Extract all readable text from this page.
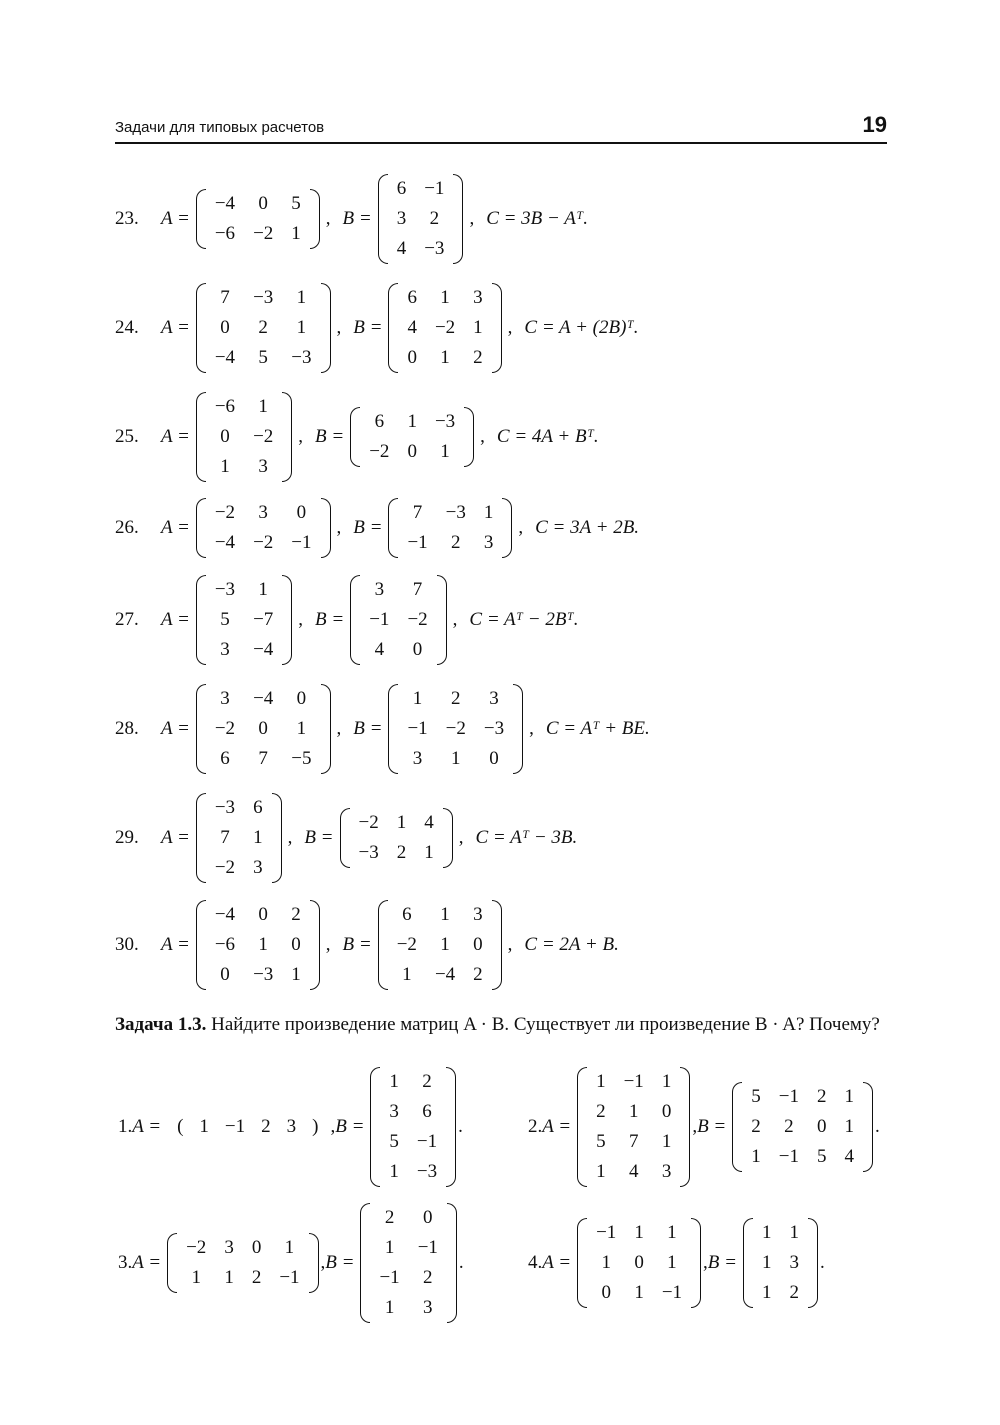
Задачи для типовых расчетов	19
23.	A =
−4	0	5
−6	−2	1
, B =
6	−1
3	2
4	−3
, C = 3B − Aᵀ.
24.	A =
7	−3	1
0	2	1
−4	5	−3
, B =
6	1	3
4	−2	1
0	1	2
, C = A + (2B)ᵀ.
25.	A =
−6	1
0	−2
1	3
, B =
6	1	−3
−2	0	1
, C = 4A + Bᵀ.
26.	A =
−2	3	0
−4	−2	−1
, B =
7	−3	1
−1	2	3
, C = 3A + 2B.
27.	A =
−3	1
5	−7
3	−4
, B =
3	7
−1	−2
4	0
, C = Aᵀ − 2Bᵀ.
28.	A =
3	−4	0
−2	0	1
6	7	−5
, B =
1	2	3
−1	−2	−3
3	1	0
, C = Aᵀ + BE.
29.	A =
−3	6
7	1
−2	3
, B =
−2	1	4
−3	2	1
, C = Aᵀ − 3B.
30.	A =
−4	0	2
−6	1	0
0	−3	1
, B =
6	1	3
−2	1	0
1	−4	2
, C = 2A + B.
Задача 1.3. Найдите произведение матриц A · B. Существует ли произведение B · A? Почему?
1. A = ( 1 −1 2 3 ) , B =
1	2
3	6
5	−1
1	−3
.	2. A =
1	−1	1
2	1	0
5	7	1
1	4	3
, B =
5	−1	2	1
2	2	0	1
1	−1	5	4
.
3. A =
−2	3	0	1
1	1	2	−1
, B =
2	0
1	−1
−1	2
1	3
.	4. A =
−1	1	1
1	0	1
0	1	−1
, B =
1	1
1	3
1	2
.
